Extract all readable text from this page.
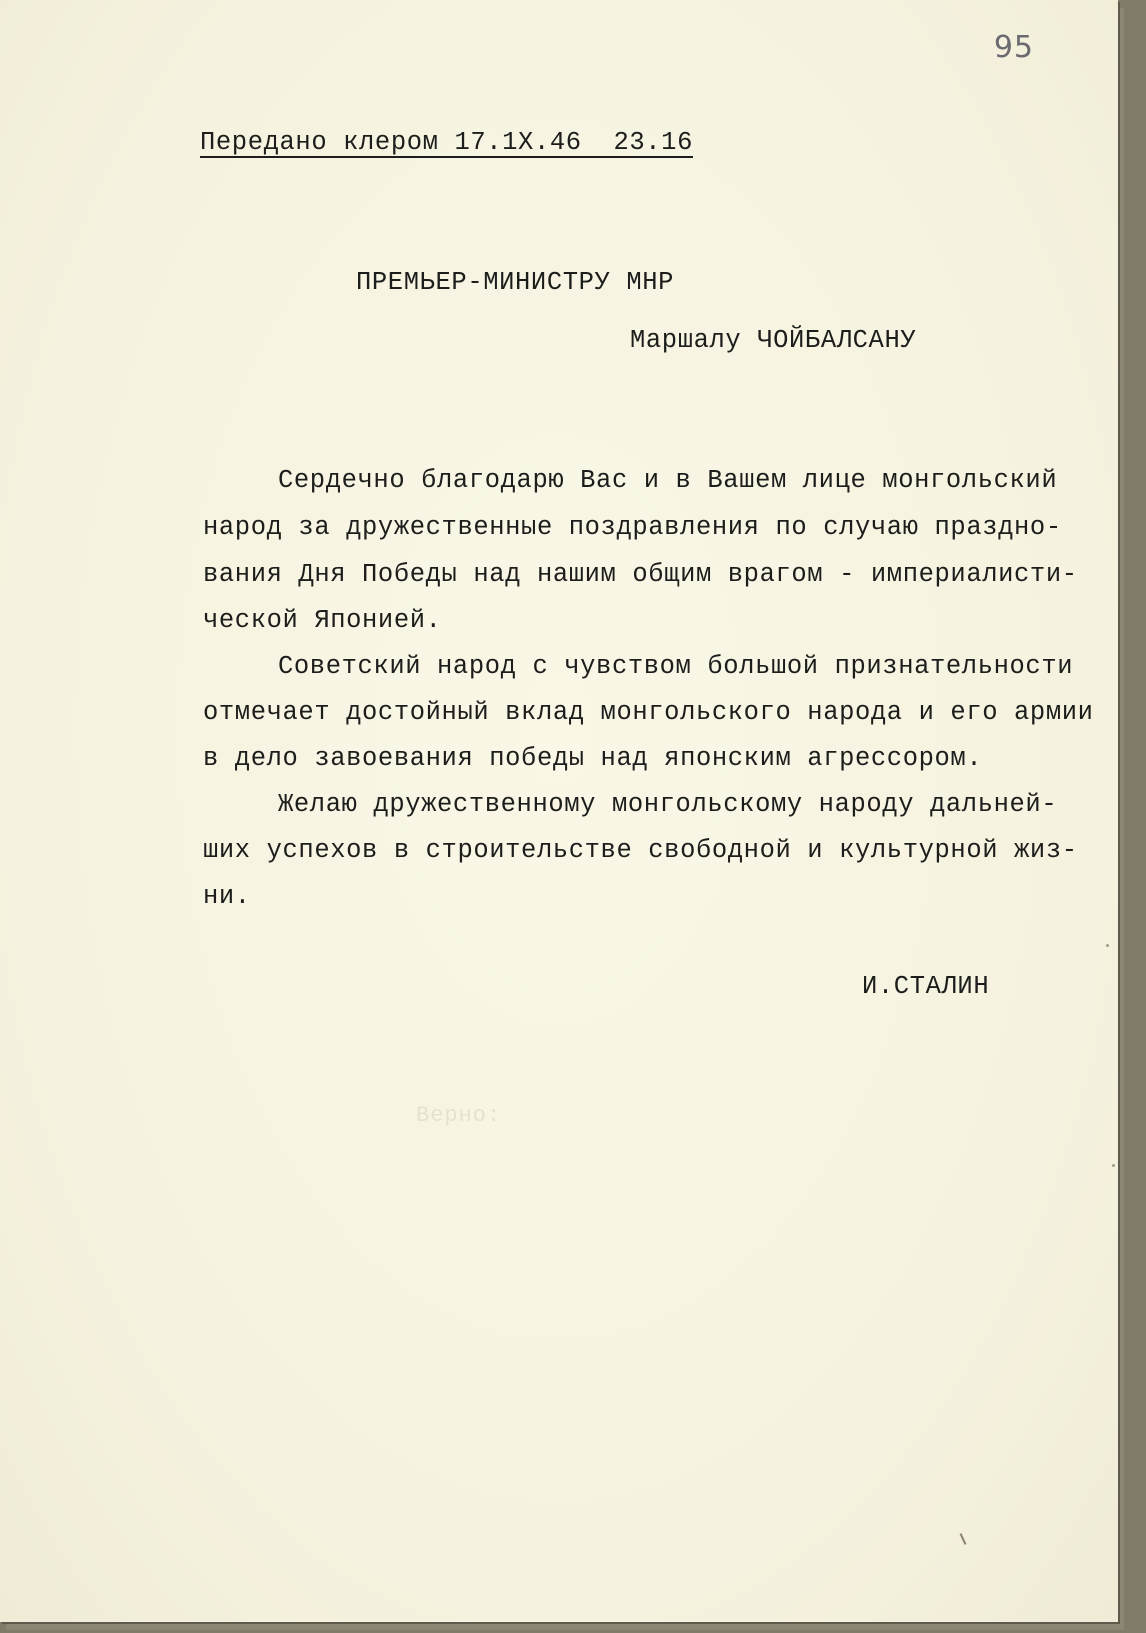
95
Передано клером 17.1Х.46  23.16
ПРЕМЬЕР-МИНИСТРУ МНР
Маршалу ЧОЙБАЛСАНУ
Сердечно благодарю Вас и в Вашем лице монгольский
народ за дружественные поздравления по случаю праздно-
вания Дня Победы над нашим общим врагом - империалисти-
ческой Японией.
Советский народ с чувством большой признательности
отмечает достойный вклад монгольского народа и его армии
в дело завоевания победы над японским агрессором.
Желаю дружественному монгольскому народу дальней-
ших успехов в строительстве свободной и культурной жиз-
ни.
И.СТАЛИН
Верно:
